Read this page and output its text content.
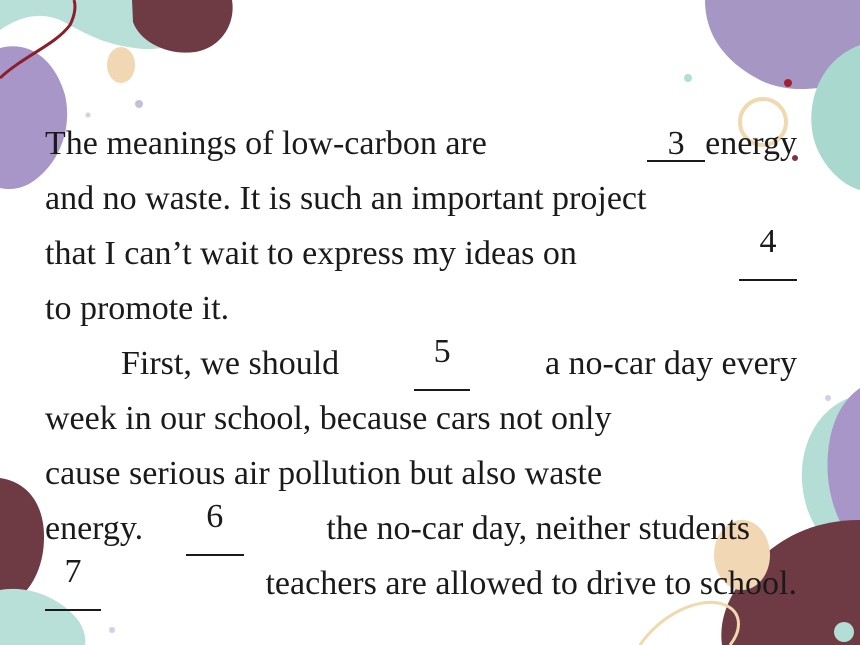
The meanings of low-carbon are	3 energy
and no waste. It is such an important project
that I can’t wait to express my ideas on	4
to promote it.
First, we should	5	a no-car day every
week in our school, because cars not only
cause serious air pollution but also waste
energy.	6	the no-car day, neither students
7	teachers are allowed to drive to school.
